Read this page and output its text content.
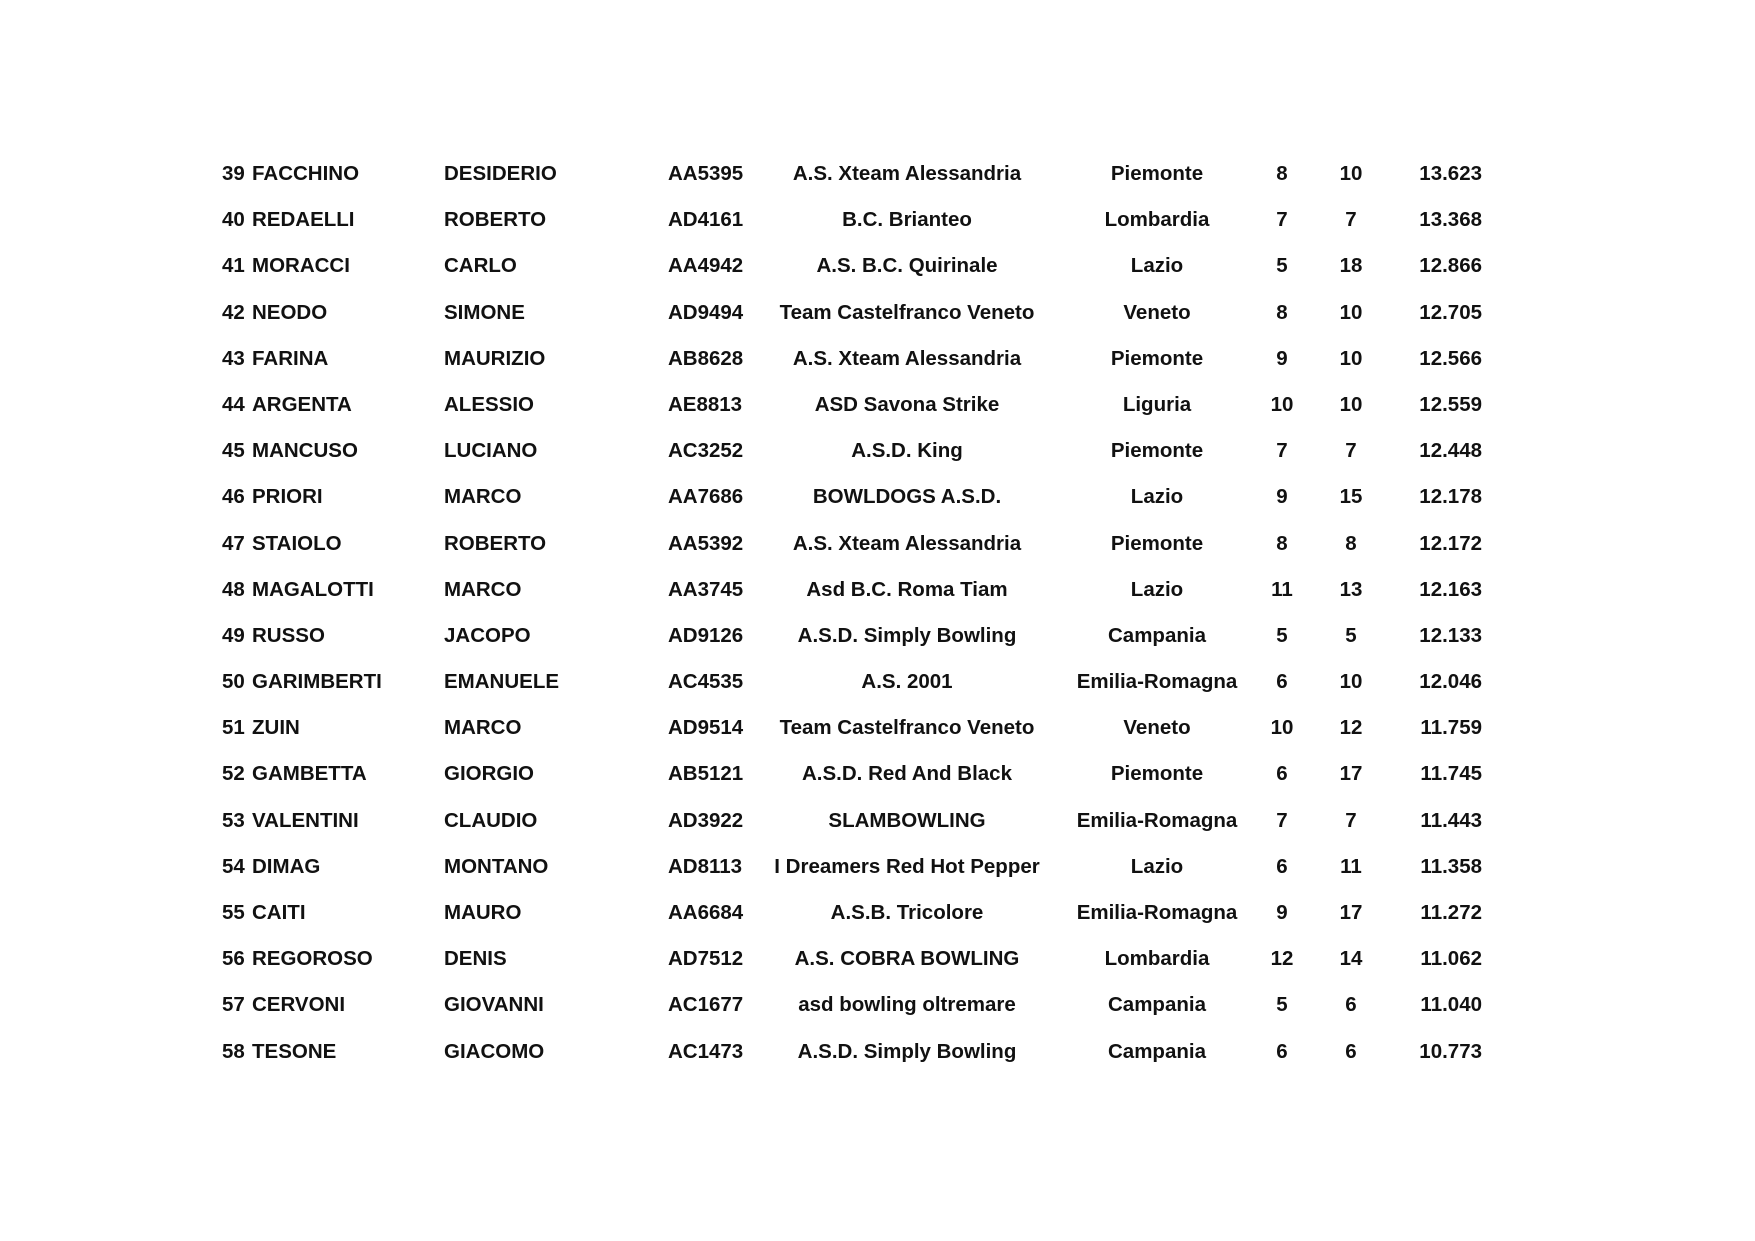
39 FACCHINO	DESIDERIO	AA5395	A.S. Xteam Alessandria	Piemonte	8	10	13.623
40 REDAELLI	ROBERTO	AD4161	B.C. Brianteo	Lombardia	7	7	13.368
41 MORACCI	CARLO	AA4942	A.S. B.C. Quirinale	Lazio	5	18	12.866
42 NEODO	SIMONE	AD9494	Team Castelfranco Veneto	Veneto	8	10	12.705
43 FARINA	MAURIZIO	AB8628	A.S. Xteam Alessandria	Piemonte	9	10	12.566
44 ARGENTA	ALESSIO	AE8813	ASD Savona Strike	Liguria	10	10	12.559
45 MANCUSO	LUCIANO	AC3252	A.S.D. King	Piemonte	7	7	12.448
46 PRIORI	MARCO	AA7686	BOWLDOGS A.S.D.	Lazio	9	15	12.178
47 STAIOLO	ROBERTO	AA5392	A.S. Xteam Alessandria	Piemonte	8	8	12.172
48 MAGALOTTI	MARCO	AA3745	Asd B.C. Roma Tiam	Lazio	11	13	12.163
49 RUSSO	JACOPO	AD9126	A.S.D. Simply Bowling	Campania	5	5	12.133
50 GARIMBERTI	EMANUELE	AC4535	A.S. 2001	Emilia-Romagna	6	10	12.046
51 ZUIN	MARCO	AD9514	Team Castelfranco Veneto	Veneto	10	12	11.759
52 GAMBETTA	GIORGIO	AB5121	A.S.D. Red And Black	Piemonte	6	17	11.745
53 VALENTINI	CLAUDIO	AD3922	SLAMBOWLING	Emilia-Romagna	7	7	11.443
54 DIMAG	MONTANO	AD8113	I Dreamers Red Hot Pepper	Lazio	6	11	11.358
55 CAITI	MAURO	AA6684	A.S.B. Tricolore	Emilia-Romagna	9	17	11.272
56 REGOROSO	DENIS	AD7512	A.S. COBRA BOWLING	Lombardia	12	14	11.062
57 CERVONI	GIOVANNI	AC1677	asd bowling oltremare	Campania	5	6	11.040
58 TESONE	GIACOMO	AC1473	A.S.D. Simply Bowling	Campania	6	6	10.773
